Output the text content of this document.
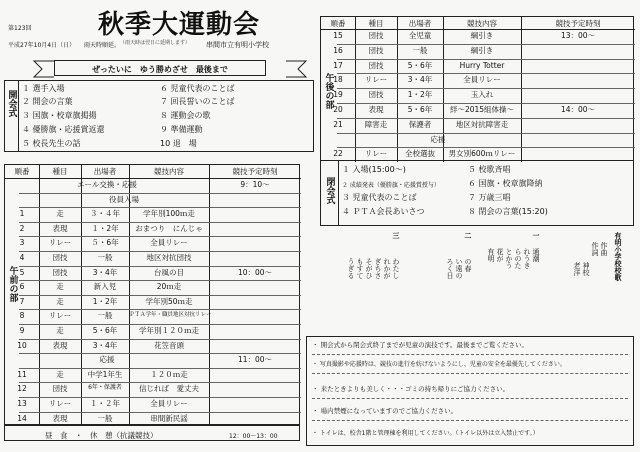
第123回	秋季大運動会
平成27年10月4日（日） 雨天時順延。 （雨天時は翌日に延期します） 串間市立有明小学校
ぜったいに　ゆう勝めざせ　最後まで
開会式
１ 選手入場
２ 開会の言葉
３ 国旗・校章旗掲揚
４ 優勝旗・応援賞返還
５ 校長先生の話
６ 児童代表のことば
７ 回長誓いのことば
８ 運動会の歌
９ 準備運動
10 退　場
順番	種目	出場者	競技内容	競技予定時刻
エール交換・応援	9：10～
役員入場
1	走	３・４年	学年別100ｍ走
2	表現	１・2年	おまつり　にんじゃ
3	リレー	５・6年	全員リレー
4	団技	一般	地区対抗団技
5	団技	3・4年	台風の目	10：00～
6	走	新入児	20ｍ走
7	走	1・2年	学年別50ｍ走
8	リレー	一般	ＰＴＡ学年・職員地区対抗リレー
9	走	5・6年	学年別１２０ｍ走
10	表現	3・4年	花笠音頭
応援	11：00～
11	走	中学1年生	１２０ｍ走
12	団技	6年・保護者	信じれば　愛丈夫
13	リレー	１・２年	全員リレー
14	表現	一般	串間新民謡
午前の部
順番	種目	出場者	競技内容	競技予定時刻
15	団技	全児童	綱引き	13：00～
16	団技	一般	綱引き
17	団技	5・6年	Hurry Totter
18	リレー	3・4年	全員リレー
19	団技	1・2年	玉入れ
20	表現	5・6年	絆～2015組体操～	14：00～
21	障害走	保護者	地区対抗障害走
応援
22	リレー	全校選抜	男女別600ｍリレー
午後の部
閉会式
１ 入場(15:00～)
２ 成績発表（優勝旗・応援賞授与）
３ 児童代表のことば
４ ＰＴＡ会長あいさつ
５ 校歌斉唱
６ 国旗・校章旗降納
７ 万歳三唱
８ 閉会の言葉(15:20)
三
わたし
れかが
ぎちさ
そがひ
もすて
うぎる
二
の春
い遠の
ろく日
一
通潮
れうき
らのた
とかう
花が
有明	有明小学校校歌
作曲
作詞
神校
老洋
・ 開会式から閉会式終了までが児童の演技です。最後までご覧ください。
・ 写真撮影や応援時は、競技の進行を妨げないようにし、児童の安全を最優先してください。
・ 来たときよりも美しく・・・ゴミの持ち帰りにご協力ください。
・ 場内禁煙になっていますのでご協力ください。
・ トイレは、校舎1階と管理棟を利用してください。（トイレ以外は立入禁止です。）
昼　食　・　休　憩（抗議競技）	12：00～13：00
